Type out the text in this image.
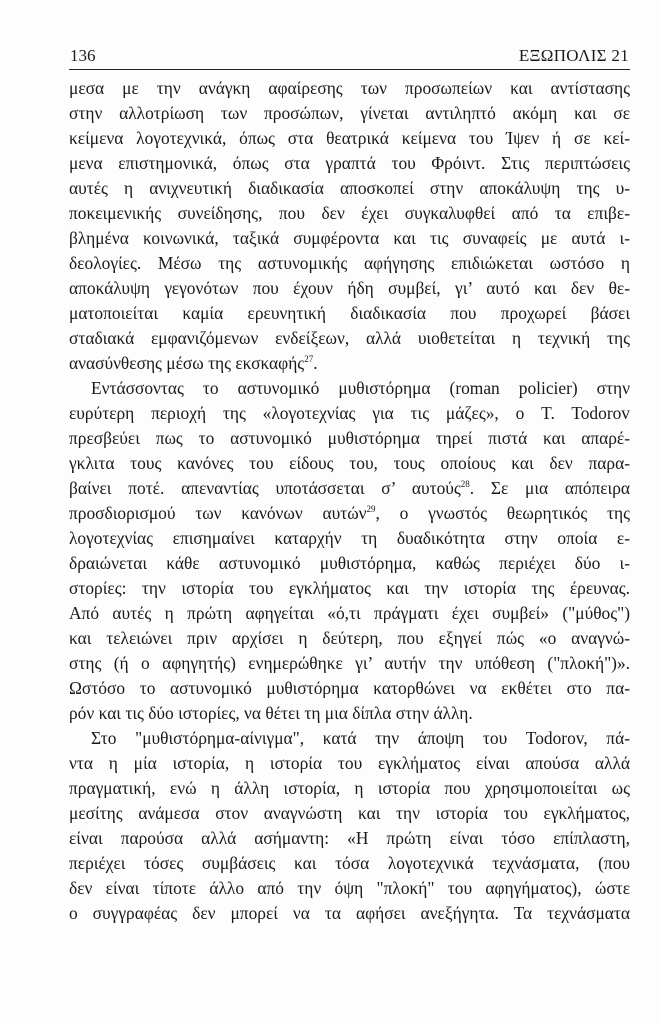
136	ΕΞΩΠΟΛΙΣ 21
μεσα με την ανάγκη αφαίρεσης των προσωπείων και αντίστασης
στην αλλοτρίωση των προσώπων, γίνεται αντιληπτό ακόμη και σε
κείμενα λογοτεχνικά, όπως στα θεατρικά κείμενα του Ίψεν ή σε κεί-
μενα επιστημονικά, όπως στα γραπτά του Φρόιντ. Στις περιπτώσεις
αυτές η ανιχνευτική διαδικασία αποσκοπεί στην αποκάλυψη της υ-
ποκειμενικής συνείδησης, που δεν έχει συγκαλυφθεί από τα επιβε-
βλημένα κοινωνικά, ταξικά συμφέροντα και τις συναφείς με αυτά ι-
δεολογίες. Μέσω της αστυνομικής αφήγησης επιδιώκεται ωστόσο η
αποκάλυψη γεγονότων που έχουν ήδη συμβεί, γι’ αυτό και δεν θε-
ματοποιείται καμία ερευνητική διαδικασία που προχωρεί βάσει
σταδιακά εμφανιζόμενων ενδείξεων, αλλά υιοθετείται η τεχνική της
ανασύνθεσης μέσω της εκσκαφής$^{27}$.
Εντάσσοντας το αστυνομικό μυθιστόρημα (roman policier) στην
ευρύτερη περιοχή της «λογοτεχνίας για τις μάζες», ο T. Todorov
πρεσβεύει πως το αστυνομικό μυθιστόρημα τηρεί πιστά και απαρέ-
γκλιτα τους κανόνες του είδους του, τους οποίους και δεν παρα-
βαίνει ποτέ. απεναντίας υποτάσσεται σ’ αυτούς$^{28}$. Σε μια απόπειρα
προσδιορισμού των κανόνων αυτών$^{29}$, ο γνωστός θεωρητικός της
λογοτεχνίας επισημαίνει καταρχήν τη δυαδικότητα στην οποία ε-
δραιώνεται κάθε αστυνομικό μυθιστόρημα, καθώς περιέχει δύο ι-
στορίες: την ιστορία του εγκλήματος και την ιστορία της έρευνας.
Από αυτές η πρώτη αφηγείται «ό,τι πράγματι έχει συμβεί» ("μύθος")
και τελειώνει πριν αρχίσει η δεύτερη, που εξηγεί πώς «ο αναγνώ-
στης (ή ο αφηγητής) ενημερώθηκε γι’ αυτήν την υπόθεση ("πλοκή")».
Ωστόσο το αστυνομικό μυθιστόρημα κατορθώνει να εκθέτει στο πα-
ρόν και τις δύο ιστορίες, να θέτει τη μια δίπλα στην άλλη.
Στο "μυθιστόρημα-αίνιγμα", κατά την άποψη του Todorov, πά-
ντα η μία ιστορία, η ιστορία του εγκλήματος είναι απούσα αλλά
πραγματική, ενώ η άλλη ιστορία, η ιστορία που χρησιμοποιείται ως
μεσίτης ανάμεσα στον αναγνώστη και την ιστορία του εγκλήματος,
είναι παρούσα αλλά ασήμαντη: «Η πρώτη είναι τόσο επίπλαστη,
περιέχει τόσες συμβάσεις και τόσα λογοτεχνικά τεχνάσματα, (που
δεν είναι τίποτε άλλο από την όψη "πλοκή" του αφηγήματος), ώστε
ο συγγραφέας δεν μπορεί να τα αφήσει ανεξήγητα. Τα τεχνάσματα
